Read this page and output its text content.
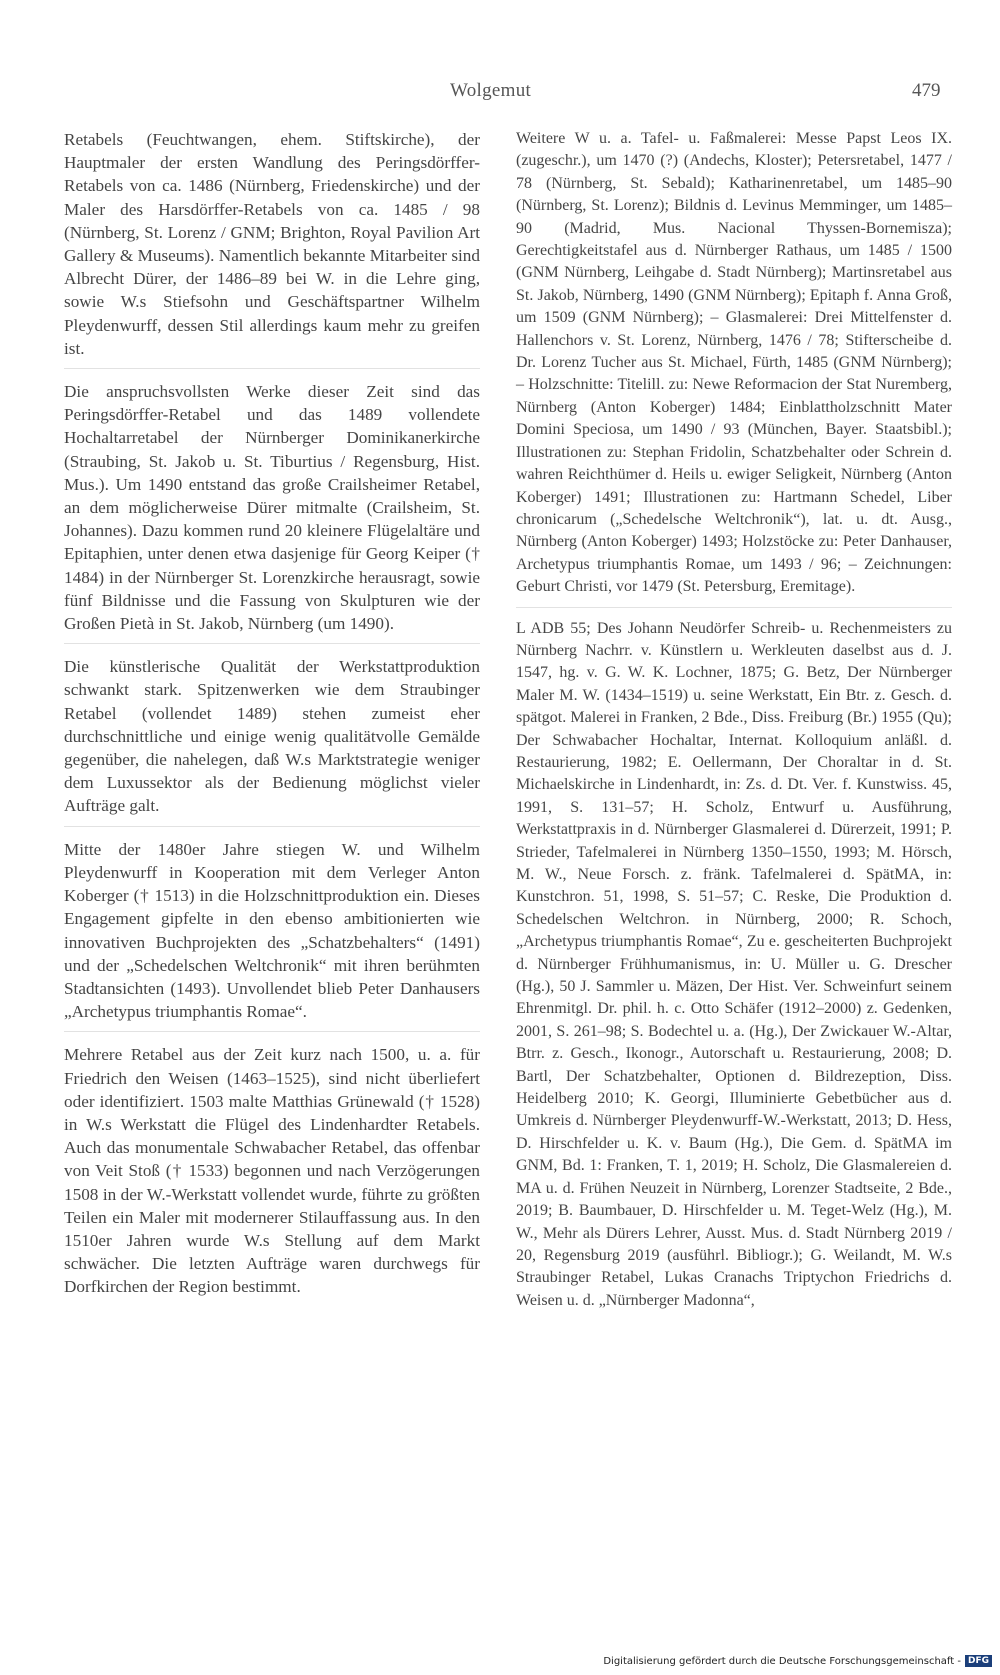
Wolgemut	479

Retabels (Feuchtwangen, ehem. Stiftskirche), der Hauptmaler der ersten Wandlung des Peringsdörffer-Retabels von ca. 1486 (Nürnberg, Friedenskirche) und der Maler des Harsdörffer-Retabels von ca. 1485 / 98 (Nürnberg, St. Lorenz / GNM; Brighton, Royal Pavilion Art Gallery & Museums). Namentlich bekannte Mitarbeiter sind Albrecht Dürer, der 1486–89 bei W. in die Lehre ging, sowie W.s Stiefsohn und Geschäftspartner Wilhelm Pleydenwurff, dessen Stil allerdings kaum mehr zu greifen ist.

Die anspruchsvollsten Werke dieser Zeit sind das Peringsdörffer-Retabel und das 1489 vollendete Hochaltarretabel der Nürnberger Dominikanerkirche (Straubing, St. Jakob u. St. Tiburtius / Regensburg, Hist. Mus.). Um 1490 entstand das große Crailsheimer Retabel, an dem möglicherweise Dürer mitmalte (Crailsheim, St. Johannes). Dazu kommen rund 20 kleinere Flügelaltäre und Epitaphien, unter denen etwa dasjenige für Georg Keiper († 1484) in der Nürnberger St. Lorenzkirche herausragt, sowie fünf Bildnisse und die Fassung von Skulpturen wie der Großen Pietà in St. Jakob, Nürnberg (um 1490).

Die künstlerische Qualität der Werkstattproduktion schwankt stark. Spitzenwerken wie dem Straubinger Retabel (vollendet 1489) stehen zumeist eher durchschnittliche und einige wenig qualitätvolle Gemälde gegenüber, die nahelegen, daß W.s Marktstrategie weniger dem Luxussektor als der Bedienung möglichst vieler Aufträge galt.

Mitte der 1480er Jahre stiegen W. und Wilhelm Pleydenwurff in Kooperation mit dem Verleger Anton Koberger († 1513) in die Holzschnittproduktion ein. Dieses Engagement gipfelte in den ebenso ambitionierten wie innovativen Buchprojekten des „Schatzbehalters“ (1491) und der „Schedelschen Weltchronik“ mit ihren berühmten Stadtansichten (1493). Unvollendet blieb Peter Danhausers „Archetypus triumphantis Romae“.

Mehrere Retabel aus der Zeit kurz nach 1500, u. a. für Friedrich den Weisen (1463–1525), sind nicht überliefert oder identifiziert. 1503 malte Matthias Grünewald († 1528) in W.s Werkstatt die Flügel des Lindenhardter Retabels. Auch das monumentale Schwabacher Retabel, das offenbar von Veit Stoß († 1533) begonnen und nach Verzögerungen 1508 in der W.-Werkstatt vollendet wurde, führte zu größten Teilen ein Maler mit modernerer Stilauffassung aus. In den 1510er Jahren wurde W.s Stellung auf dem Markt schwächer. Die letzten Aufträge waren durchwegs für Dorfkirchen der Region bestimmt.

Weitere W u. a. Tafel- u. Faßmalerei: Messe Papst Leos IX. (zugeschr.), um 1470 (?) (Andechs, Kloster); Petersretabel, 1477 / 78 (Nürnberg, St. Sebald); Katharinenretabel, um 1485–90 (Nürnberg, St. Lorenz); Bildnis d. Levinus Memminger, um 1485–90 (Madrid, Mus. Nacional Thyssen-Bornemisza); Gerechtigkeitstafel aus d. Nürnberger Rathaus, um 1485 / 1500 (GNM Nürnberg, Leihgabe d. Stadt Nürnberg); Martinsretabel aus St. Jakob, Nürnberg, 1490 (GNM Nürnberg); Epitaph f. Anna Groß, um 1509 (GNM Nürnberg); – Glasmalerei: Drei Mittelfenster d. Hallenchors v. St. Lorenz, Nürnberg, 1476 / 78; Stifterscheibe d. Dr. Lorenz Tucher aus St. Michael, Fürth, 1485 (GNM Nürnberg); – Holzschnitte: Titelill. zu: Newe Reformacion der Stat Nuremberg, Nürnberg (Anton Koberger) 1484; Einblattholzschnitt Mater Domini Speciosa, um 1490 / 93 (München, Bayer. Staatsbibl.); Illustrationen zu: Stephan Fridolin, Schatzbehalter oder Schrein d. wahren Reichthümer d. Heils u. ewiger Seligkeit, Nürnberg (Anton Koberger) 1491; Illustrationen zu: Hartmann Schedel, Liber chronicarum („Schedelsche Weltchronik“), lat. u. dt. Ausg., Nürnberg (Anton Koberger) 1493; Holzstöcke zu: Peter Danhauser, Archetypus triumphantis Romae, um 1493 / 96; – Zeichnungen: Geburt Christi, vor 1479 (St. Petersburg, Eremitage).

L ADB 55; Des Johann Neudörfer Schreib- u. Rechenmeisters zu Nürnberg Nachrr. v. Künstlern u. Werkleuten daselbst aus d. J. 1547, hg. v. G. W. K. Lochner, 1875; G. Betz, Der Nürnberger Maler M. W. (1434–1519) u. seine Werkstatt, Ein Btr. z. Gesch. d. spätgot. Malerei in Franken, 2 Bde., Diss. Freiburg (Br.) 1955 (Qu); Der Schwabacher Hochaltar, Internat. Kolloquium anläßl. d. Restaurierung, 1982; E. Oellermann, Der Choraltar in d. St. Michaelskirche in Lindenhardt, in: Zs. d. Dt. Ver. f. Kunstwiss. 45, 1991, S. 131–57; H. Scholz, Entwurf u. Ausführung, Werkstattpraxis in d. Nürnberger Glasmalerei d. Dürerzeit, 1991; P. Strieder, Tafelmalerei in Nürnberg 1350–1550, 1993; M. Hörsch, M. W., Neue Forsch. z. fränk. Tafelmalerei d. SpätMA, in: Kunstchron. 51, 1998, S. 51–57; C. Reske, Die Produktion d. Schedelschen Weltchron. in Nürnberg, 2000; R. Schoch, „Archetypus triumphantis Romae“, Zu e. gescheiterten Buchprojekt d. Nürnberger Frühhumanismus, in: U. Müller u. G. Drescher (Hg.), 50 J. Sammler u. Mäzen, Der Hist. Ver. Schweinfurt seinem Ehrenmitgl. Dr. phil. h. c. Otto Schäfer (1912–2000) z. Gedenken, 2001, S. 261–98; S. Bodechtel u. a. (Hg.), Der Zwickauer W.-Altar, Btrr. z. Gesch., Ikonogr., Autorschaft u. Restaurierung, 2008; D. Bartl, Der Schatzbehalter, Optionen d. Bildrezeption, Diss. Heidelberg 2010; K. Georgi, Illuminierte Gebetbücher aus d. Umkreis d. Nürnberger Pleydenwurff-W.-Werkstatt, 2013; D. Hess, D. Hirschfelder u. K. v. Baum (Hg.), Die Gem. d. SpätMA im GNM, Bd. 1: Franken, T. 1, 2019; H. Scholz, Die Glasmalereien d. MA u. d. Frühen Neuzeit in Nürnberg, Lorenzer Stadtseite, 2 Bde., 2019; B. Baumbauer, D. Hirschfelder u. M. Teget-Welz (Hg.), M. W., Mehr als Dürers Lehrer, Ausst. Mus. d. Stadt Nürnberg 2019 / 20, Regensburg 2019 (ausführl. Bibliogr.); G. Weilandt, M. W.s Straubinger Retabel, Lukas Cranachs Triptychon Friedrichs d. Weisen u. d. „Nürnberger Madonna“,

Digitalisierung gefördert durch die Deutsche Forschungsgemeinschaft - DFG
